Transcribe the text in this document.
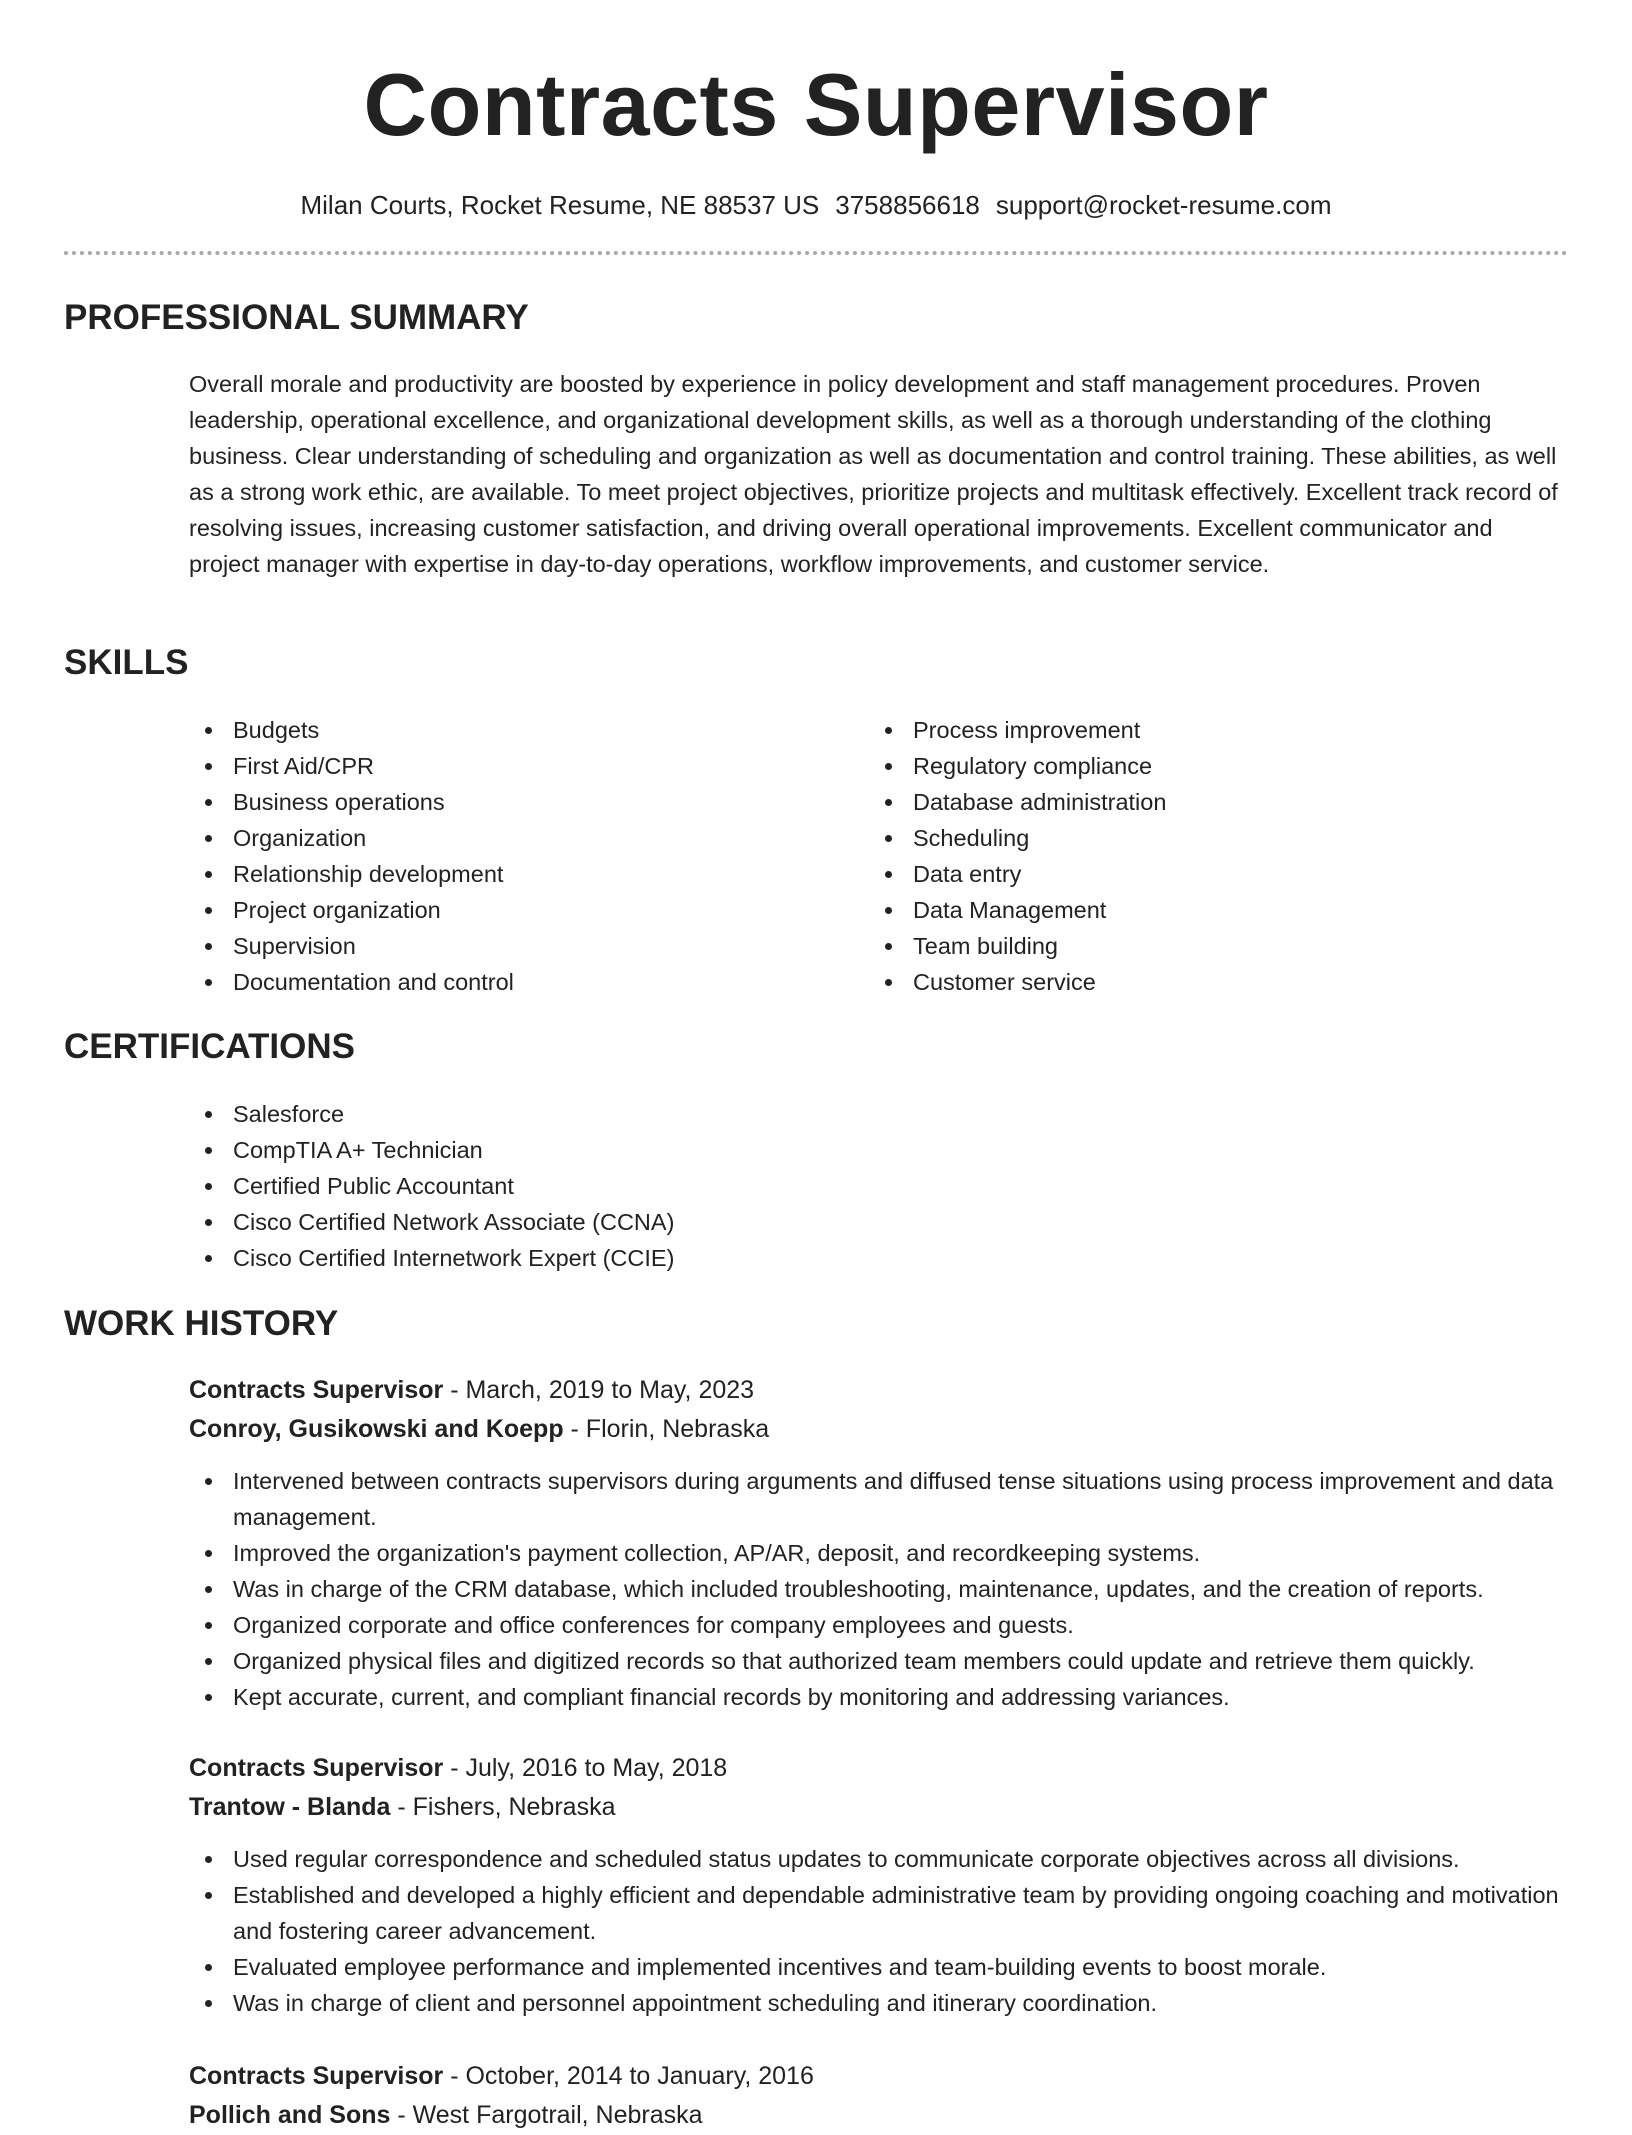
Contracts Supervisor
Milan Courts, Rocket Resume, NE 88537 US 3758856618 support@rocket-resume.com
PROFESSIONAL SUMMARY

Overall morale and productivity are boosted by experience in policy development and staff management procedures. Proven leadership, operational excellence, and organizational development skills, as well as a thorough understanding of the clothing business. Clear understanding of scheduling and organization as well as documentation and control training. These abilities, as well as a strong work ethic, are available. To meet project objectives, prioritize projects and multitask effectively. Excellent track record of resolving issues, increasing customer satisfaction, and driving overall operational improvements. Excellent communicator and project manager with expertise in day-to-day operations, workflow improvements, and customer service.

SKILLS
Budgets
First Aid/CPR
Business operations
Organization
Relationship development
Project organization
Supervision
Documentation and control
Process improvement
Regulatory compliance
Database administration
Scheduling
Data entry
Data Management
Team building
Customer service
CERTIFICATIONS
Salesforce
CompTIA A+ Technician
Certified Public Accountant
Cisco Certified Network Associate (CCNA)
Cisco Certified Internetwork Expert (CCIE)
WORK HISTORY
Contracts Supervisor - March, 2019 to May, 2023
Conroy, Gusikowski and Koepp - Florin, Nebraska
Intervened between contracts supervisors during arguments and diffused tense situations using process improvement and data management.
Improved the organization's payment collection, AP/AR, deposit, and recordkeeping systems.
Was in charge of the CRM database, which included troubleshooting, maintenance, updates, and the creation of reports.
Organized corporate and office conferences for company employees and guests.
Organized physical files and digitized records so that authorized team members could update and retrieve them quickly.
Kept accurate, current, and compliant financial records by monitoring and addressing variances.
Contracts Supervisor - July, 2016 to May, 2018
Trantow - Blanda - Fishers, Nebraska
Used regular correspondence and scheduled status updates to communicate corporate objectives across all divisions.
Established and developed a highly efficient and dependable administrative team by providing ongoing coaching and motivation and fostering career advancement.
Evaluated employee performance and implemented incentives and team-building events to boost morale.
Was in charge of client and personnel appointment scheduling and itinerary coordination.
Contracts Supervisor - October, 2014 to January, 2016
Pollich and Sons - West Fargotrail, Nebraska
